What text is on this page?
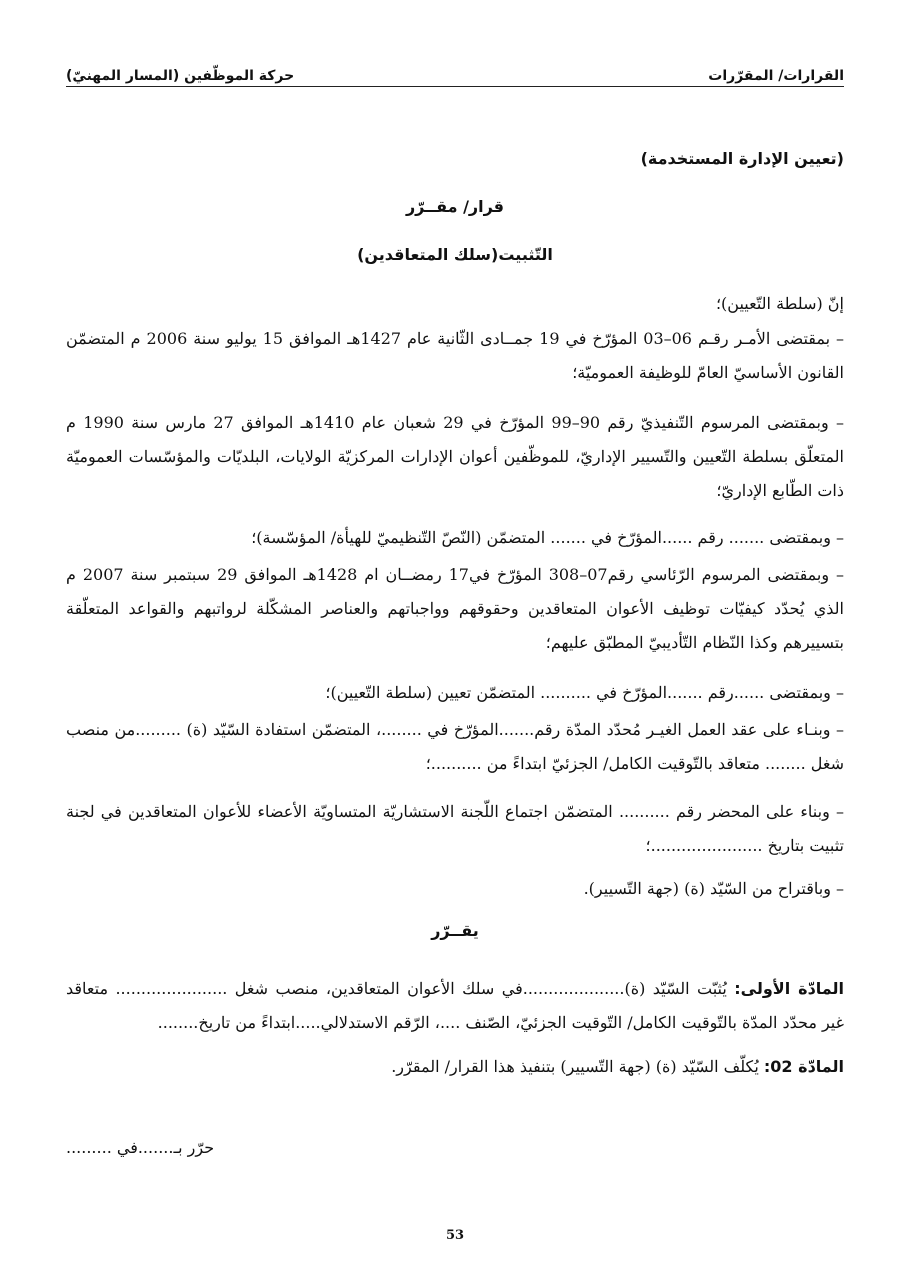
القرارات/ المقرّرات
حركة الموظّفين (المسار المهنيّ)
(تعيين الإدارة المستخدمة)
قرار/ مقــرّر
التّثبيت(سلك المتعاقدين)
إنّ (سلطة التّعيين)؛
– بمقتضى الأمـر رقـم 06–03 المؤرّخ في 19 جمــادى الثّانية عام 1427هـ الموافق 15 يوليو سنة 2006 م المتضمّن القانون الأساسيّ العامّ للوظيفة العموميّة؛
– وبمقتضى المرسوم التّنفيذيّ رقم 90–99 المؤرّخ في 29 شعبان عام 1410هـ الموافق 27 مارس سنة 1990 م المتعلّق بسلطة التّعيين والتّسيير الإداريّ، للموظّفين أعوان الإدارات المركزيّة الولايات، البلديّات والمؤسّسات العموميّة ذات الطّابع الإداريّ؛
– وبمقتضى ....... رقم ......المؤرّخ في ....... المتضمّن (النّصّ التّنظيميّ للهيأة/ المؤسّسة)؛
– وبمقتضى المرسوم الرّئاسي رقم07–308 المؤرّخ في17 رمضــان ام 1428هـ الموافق 29 سبتمبر سنة 2007 م الذي يُحدّد كيفيّات توظيف الأعوان المتعاقدين وحقوقهم وواجباتهم والعناصر المشكّلة لرواتبهم والقواعد المتعلّقة بتسييرهم وكذا النّظام التّأديبيّ المطبّق عليهم؛
– وبمقتضى ......رقم .......المؤرّخ في .......... المتضمّن تعيين (سلطة التّعيين)؛
– وبنـاء على عقد العمل الغيـر مُحدّد المدّة رقم.......المؤرّخ في ........، المتضمّن استفادة السّيّد (ة) .........من منصب شغل ........ متعاقد بالتّوقيت الكامل/ الجزئيّ ابتداءً من ..........؛
– وبناء على المحضر رقم .......... المتضمّن اجتماع اللّجنة الاستشاريّة المتساويّة الأعضاء للأعوان المتعاقدين في لجنة تثبيت بتاريخ ......................؛
– وباقتراح من السّيّد (ة) (جهة التّسيير).
يقــرّر
المادّة الأولى: يُثبّت السّيّد (ة)....................في سلك الأعوان المتعاقدين، منصب شغل ...................... متعاقد غير محدّد المدّة بالتّوقيت الكامل/ التّوقيت الجزئيّ، الصّنف ....، الرّقم الاستدلالي.....ابتداءً من تاريخ........
المادّة 02: يُكلّف السّيّد (ة) (جهة التّسيير) بتنفيذ هذا القرار/ المقرّر.
حرّر بـ.......في .........
53
